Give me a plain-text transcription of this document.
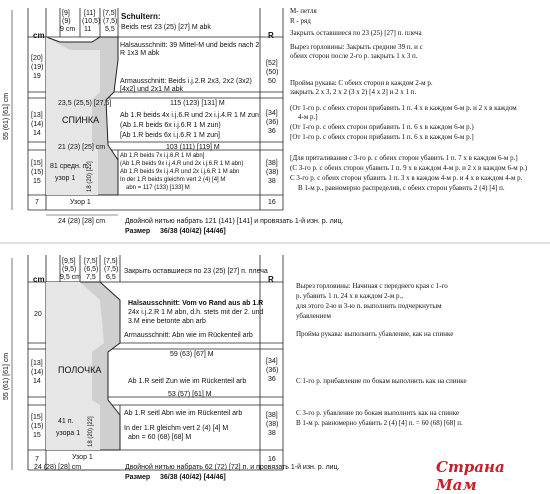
cm	R
[9]
(9)
9 cm
[11]
(10,5)
11
[7,5]
(7,5)
5,5
Schultern:
Beids rest 23 (25) [27] M abk
[20]
(19)
19
[13]
(14)
14
[15]
(15)
15
7
[52]
(50)
50
[34]
(36)
36
[38]
(38)
38
16
Halsausschnitt: 39 Mittel-M und beids nach 2 R 1x3 M abk
Armausschnitt: Beids i.j.2.R 2x3, 2x2 (3x2) [4x2] und 2x1 M abk
23,5 (25,5) [27,5]	115 (123) [131] M
СПИНКА	Ab 1.R beids 4x i.j.6.R und 2x i.j.4.R 1 M zun
(Ab 1.R beids 6x i.j.6.R 1 M zun)
[Ab 1.R beids 6x i.j.6.R 1 M zun]
21 (23) [25] cm	103 (111) [119] M
81 средн. п.
узор 1 18 (20) [22]
Ab 1.R beids 7x i.j.6.R 1 M abn]
(Ab 1.R beids 9x i.j.4.R und 2x i.j.6.R 1 M abn)
Ab 1.R beids 9x i.j.4.R und 2x i.j.6.R 1 M abn
In der 1.R beids gleichm vert 2 (4) [4] M
abn = 117 (133) [133] M
Узор 1
24 (28) [28] cm	Двойной нитью набрать 121 (141) [141] и провязать 1-й изн. р. лиц.
Размер 36/38 (40/42) [44/46]
55 (61) [61] cm
М- петля
R - ряд
Закрыть оставшиеся по 23 (25) [27] п. плеча
Вырез горловины: Закрыть средние 39 п. и с
обеих сторон после 2-го р. закрыть 1 х 3 п.
Пройма рукава: С обеих сторон в каждом 2-м р.
закрыть 2 х 3, 2 х 2 (3 х 2) [4 х 2] и 2 х 1 п.
(От 1-го р. с обеих сторон прибавить 1 п. 4 х в каждом 6-м р. и 2 х в каждом
4-м р.]
(От 1-го р. с обеих сторон прибавить 1 п. 6 х в каждом 6-м р.)
[От 1-го р. с обеих сторон прибавить 1 п. 6 х в каждом 6-м р.]
[Для приталивания с 3-го р. с обеих сторон убавить 1 п. 7 х в каждом 6-м р.]
(С 3-го р. с обеих сторон убавить 1 п. 9 х в каждом 4-м р. и 2 х в каждом 6-м р.)
С 3-го р. с обеих сторон убавить 1 п. 3 х в каждом 4-м р. и 4 х в каждом 4-м р.
В 1-м р., равномерно распределив, с обеих сторон убавить 2 (4) [4] п.
cm	R
[9,5]
(9,5)
9,5 cm
[7,5]
(6,5)
7,5
[7,5]
(7,5)
6,5
Закрыть оставшиеся по 23 (25) [27] п. плеча
Halsausschnitt: Vom vo Rand aus ab 1.R
24x i.j.2.R 1 M abn, d.h. stets mit der 2. und
3.M eine betonte abn arb
Armausschnitt: Abn wie im Rückenteil arb
20
[13]
(14)
14
[15]
(15)
15
7
[34]
(36)
36
[38]
(38)
38
16
59 (63) [67] M
ПОЛОЧКА
Ab 1.R seitl Zun wie im Rückenteil arb
53 (57) [61] M
41 п.
узора 1 18 (20) [22]
Ab 1.R seitl Abn wie im Rückenteil arb
In der 1.R gleichm vert 2 (4) [4] M
abn = 60 (68) [68] M
Узор 1
24 (28) [28] cm	Двойной нитью набрать 62 (72) [72] п. и провязать 1-й изн. р. лиц.
Размер 36/38 (40/42) [44/46]
55 (61) [61] cm
Вырез горловины: Начиная с переднего края с 1-го
р. убавить 1 п. 24 х в каждом 2-м р.,
для этого 2-ю и 3-ю п. выполнить подчеркнутым
убавлением
Пройма рукава: выполнить убавление, как на спинке
С 1-го р. прибавление по бокам выполнить как на спинке
С 3-го р. убавление по бокам выполнить как на спинке
В 1-м р. равномерно убавить 2 (4) [4] п. = 60 (68) [68] п.
Страна Мам
